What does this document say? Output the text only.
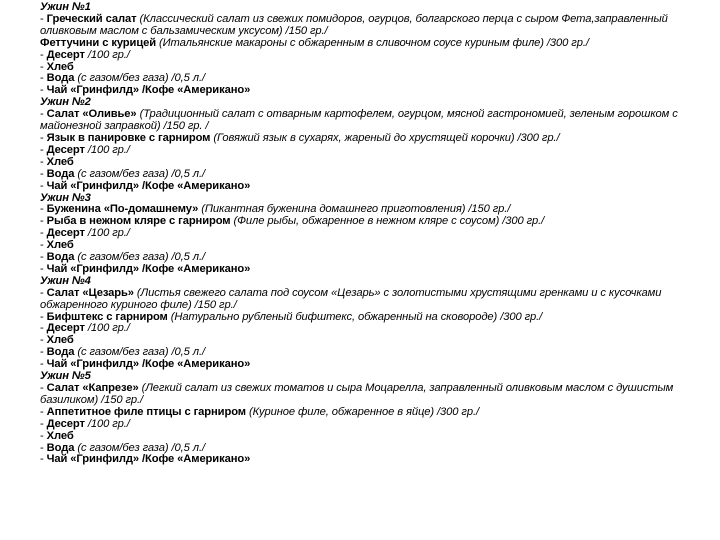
Ужин №1
- Греческий салат (Классический салат из свежих помидоров, огурцов, болгарского перца с сыром Фета,заправленный оливковым маслом с бальзамическим уксусом) /150 гр./
Феттучини с курицей (Итальянские макароны с обжаренным в сливочном соусе куриным филе) /300 гр./
- Десерт /100 гр./
- Хлеб
- Вода (с газом/без газа) /0,5 л./
- Чай «Гринфилд» /Кофе «Американо»
Ужин №2
- Салат «Оливье» (Традиционный салат с отварным картофелем, огурцом, мясной гастрономией, зеленым горошком с майонезной заправкой) /150 гр. /
- Язык в панировке с гарниром (Говяжий язык в сухарях, жареный до хрустящей корочки) /300 гр./
- Десерт /100 гр./
- Хлеб
- Вода (с газом/без газа) /0,5 л./
- Чай «Гринфилд» /Кофе «Американо»
Ужин №3
- Буженина «По-домашнему» (Пикантная буженина домашнего приготовления) /150 гр./
- Рыба в нежном кляре с гарниром (Филе рыбы, обжаренное в нежном кляре с соусом) /300 гр./
- Десерт /100 гр./
- Хлеб
- Вода (с газом/без газа) /0,5 л./
- Чай «Гринфилд» /Кофе «Американо»
Ужин №4
- Салат «Цезарь» (Листья свежего салата под соусом «Цезарь» с золотистыми хрустящими гренками и с кусочками обжаренного куриного филе) /150 гр./
- Бифштекс с гарниром (Натурально рубленый бифштекс, обжаренный на сковороде) /300 гр./
- Десерт /100 гр./
- Хлеб
- Вода (с газом/без газа) /0,5 л./
- Чай «Гринфилд» /Кофе «Американо»
Ужин №5
- Салат «Капрезе» (Легкий салат из свежих томатов и сыра Моцарелла, заправленный оливковым маслом с душистым базиликом) /150 гр./
- Аппетитное филе птицы с гарниром (Куриное филе, обжаренное в яйце) /300 гр./
- Десерт /100 гр./
- Хлеб
- Вода (с газом/без газа) /0,5 л./
- Чай «Гринфилд» /Кофе «Американо»
